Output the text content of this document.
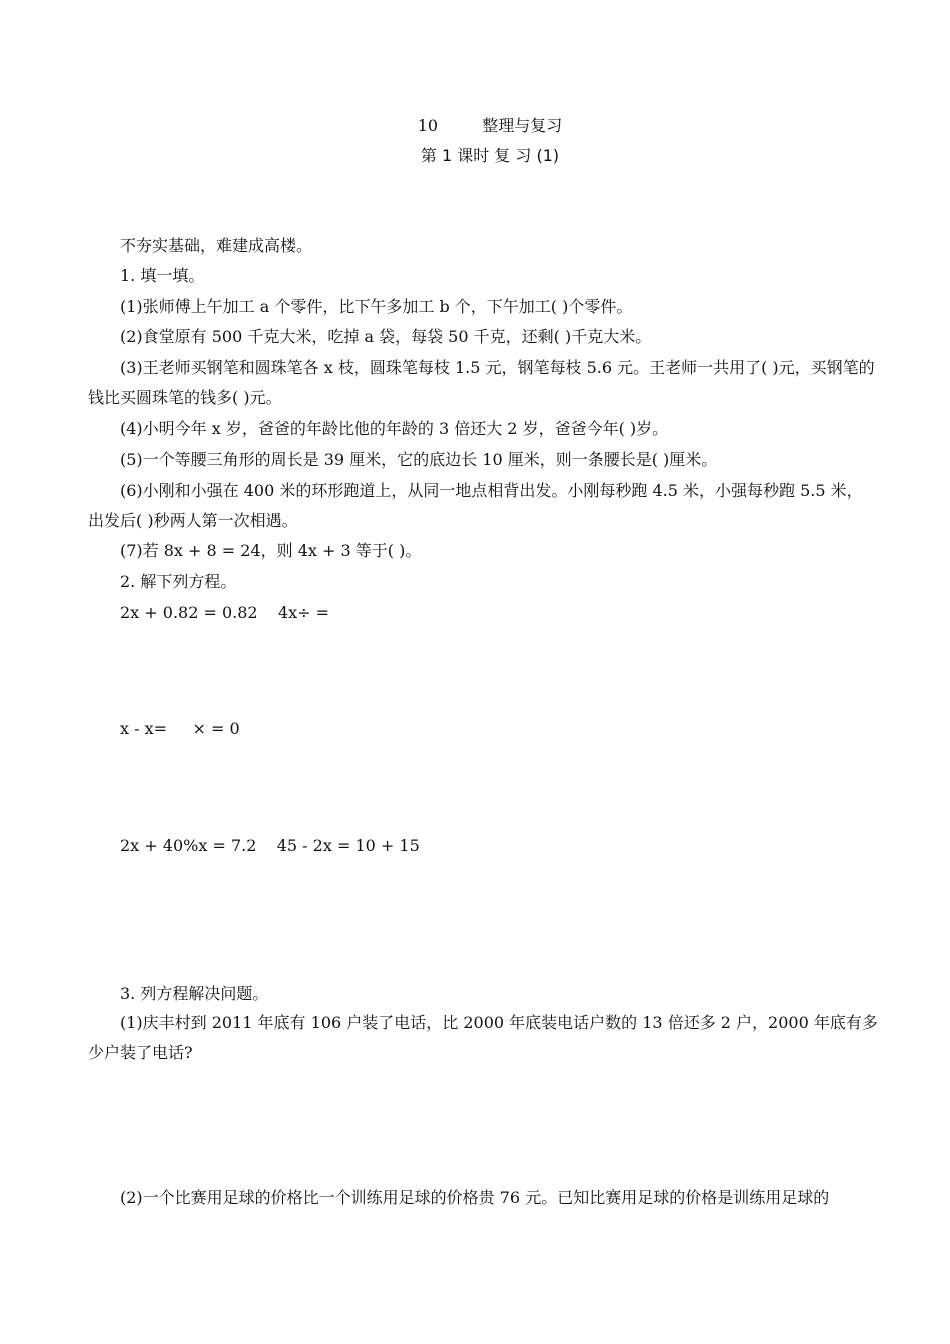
10	整理与复习
第 1 课时 复 习 (1)
不夯实基础，难建成高楼。
1. 填一填。
(1)张师傅上午加工 a 个零件，比下午多加工 b 个，下午加工( )个零件。
(2)食堂原有 500 千克大米，吃掉 a 袋，每袋 50 千克，还剩( )千克大米。
(3)王老师买钢笔和圆珠笔各 x 枝，圆珠笔每枝 1.5 元，钢笔每枝 5.6 元。王老师一共用了( )元，买钢笔的钱比买圆珠笔的钱多( )元。
(4)小明今年 x 岁，爸爸的年龄比他的年龄的 3 倍还大 2 岁，爸爸今年( )岁。
(5)一个等腰三角形的周长是 39 厘米，它的底边长 10 厘米，则一条腰长是( )厘米。
(6)小刚和小强在 400 米的环形跑道上，从同一地点相背出发。小刚每秒跑 4.5 米，小强每秒跑 5.5 米，出发后( )秒两人第一次相遇。
(7)若 8x + 8 = 24，则 4x + 3 等于( )。
2. 解下列方程。
2x + 0.82 = 0.82    4x÷ =
x - x=     × = 0
2x + 40%x = 7.2    45 - 2x = 10 + 15
3. 列方程解决问题。
(1)庆丰村到 2011 年底有 106 户装了电话，比 2000 年底装电话户数的 13 倍还多 2 户，2000 年底有多少户装了电话?
(2)一个比赛用足球的价格比一个训练用足球的价格贵 76 元。已知比赛用足球的价格是训练用足球的
